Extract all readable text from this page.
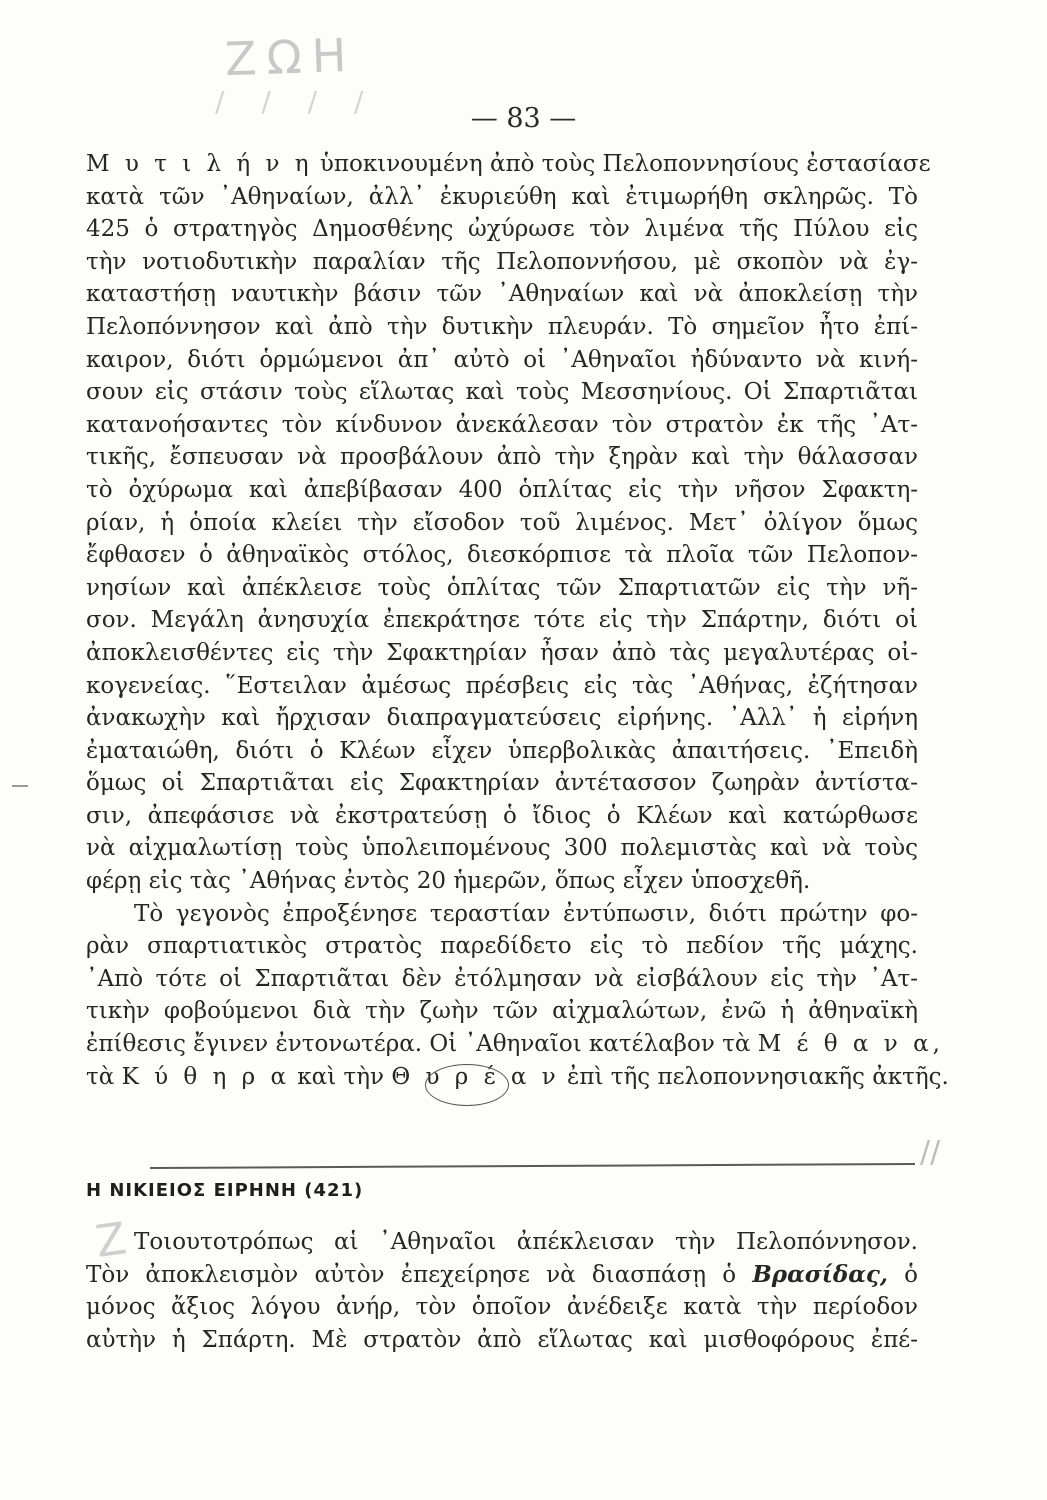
ΖΩΗ
/ / / /
— 83 —
Μ υ τ ι λ ή ν η ὑποκινουμένη ἀπὸ τοὺς Πελοποννησίους ἐστασίασε
κατὰ τῶν ᾿Αθηναίων, ἀλλ᾿ ἐκυριεύθη καὶ ἐτιμωρήθη σκληρῶς. Τὸ
425 ὁ στρατηγὸς Δημοσθένης ὠχύρωσε τὸν λιμένα τῆς Πύλου εἰς
τὴν νοτιοδυτικὴν παραλίαν τῆς Πελοποννήσου, μὲ σκοπὸν νὰ ἐγ-
καταστήσῃ ναυτικὴν βάσιν τῶν ᾿Αθηναίων καὶ νὰ ἀποκλείσῃ τὴν
Πελοπόννησον καὶ ἀπὸ τὴν δυτικὴν πλευράν. Τὸ σημεῖον ἦτο ἐπί-
καιρον, διότι ὁρμώμενοι ἀπ᾿ αὐτὸ οἱ ᾿Αθηναῖοι ἠδύναντο νὰ κινή-
σουν εἰς στάσιν τοὺς εἵλωτας καὶ τοὺς Μεσσηνίους. Οἱ Σπαρτιᾶται
κατανοήσαντες τὸν κίνδυνον ἀνεκάλεσαν τὸν στρατὸν ἐκ τῆς ᾿Ατ-
τικῆς, ἔσπευσαν νὰ προσβάλουν ἀπὸ τὴν ξηρὰν καὶ τὴν θάλασσαν
τὸ ὀχύρωμα καὶ ἀπεβίβασαν 400 ὁπλίτας εἰς τὴν νῆσον Σφακτη-
ρίαν, ἡ ὁποία κλείει τὴν εἴσοδον τοῦ λιμένος. Μετ᾿ ὀλίγον ὅμως
ἔφθασεν ὁ ἀθηναϊκὸς στόλος, διεσκόρπισε τὰ πλοῖα τῶν Πελοπον-
νησίων καὶ ἀπέκλεισε τοὺς ὁπλίτας τῶν Σπαρτιατῶν εἰς τὴν νῆ-
σον. Μεγάλη ἀνησυχία ἐπεκράτησε τότε εἰς τὴν Σπάρτην, διότι οἱ
ἀποκλεισθέντες εἰς τὴν Σφακτηρίαν ἦσαν ἀπὸ τὰς μεγαλυτέρας οἰ-
κογενείας. ῞Εστειλαν ἀμέσως πρέσβεις εἰς τὰς ᾿Αθήνας, ἐζήτησαν
ἀνακωχὴν καὶ ἤρχισαν διαπραγματεύσεις εἰρήνης. ᾿Αλλ᾿ ἡ εἰρήνη
ἐματαιώθη, διότι ὁ Κλέων εἶχεν ὑπερβολικὰς ἀπαιτήσεις. ᾿Επειδὴ
ὅμως οἱ Σπαρτιᾶται εἰς Σφακτηρίαν ἀντέτασσον ζωηρὰν ἀντίστα-
σιν, ἀπεφάσισε νὰ ἐκστρατεύσῃ ὁ ἴδιος ὁ Κλέων καὶ κατώρθωσε
νὰ αἰχμαλωτίσῃ τοὺς ὑπολειπομένους 300 πολεμιστὰς καὶ νὰ τοὺς
φέρῃ εἰς τὰς ᾿Αθήνας ἐντὸς 20 ἡμερῶν, ὅπως εἶχεν ὑποσχεθῆ.
Τὸ γεγονὸς ἐπροξένησε τεραστίαν ἐντύπωσιν, διότι πρώτην φο-
ρὰν σπαρτιατικὸς στρατὸς παρεδίδετο εἰς τὸ πεδίον τῆς μάχης.
᾿Απὸ τότε οἱ Σπαρτιᾶται δὲν ἐτόλμησαν νὰ εἰσβάλουν εἰς τὴν ᾿Ατ-
τικὴν φοβούμενοι διὰ τὴν ζωὴν τῶν αἰχμαλώτων, ἐνῶ ἡ ἀθηναϊκὴ
ἐπίθεσις ἔγινεν ἐντονωτέρα. Οἱ ᾿Αθηναῖοι κατέλαβον τὰ Μ έ θ α ν α,
τὰ Κ ύ θ η ρ α καὶ τὴν Θ υ ρ έ α ν ἐπὶ τῆς πελοποννησιακῆς ἀκτῆς.
//
Η ΝΙΚΙΕΙΟΣ ΕΙΡΗΝΗ (421)
Z Τοιουτοτρόπως αἱ ᾿Αθηναῖοι ἀπέκλεισαν τὴν Πελοπόννησον.
Τὸν ἀποκλεισμὸν αὐτὸν ἐπεχείρησε νὰ διασπάσῃ ὁ Βρασίδας, ὁ
μόνος ἄξιος λόγου ἀνήρ, τὸν ὁποῖον ἀνέδειξε κατὰ τὴν περίοδον
αὐτὴν ἡ Σπάρτη. Μὲ στρατὸν ἀπὸ εἵλωτας καὶ μισθοφόρους ἐπέ-
